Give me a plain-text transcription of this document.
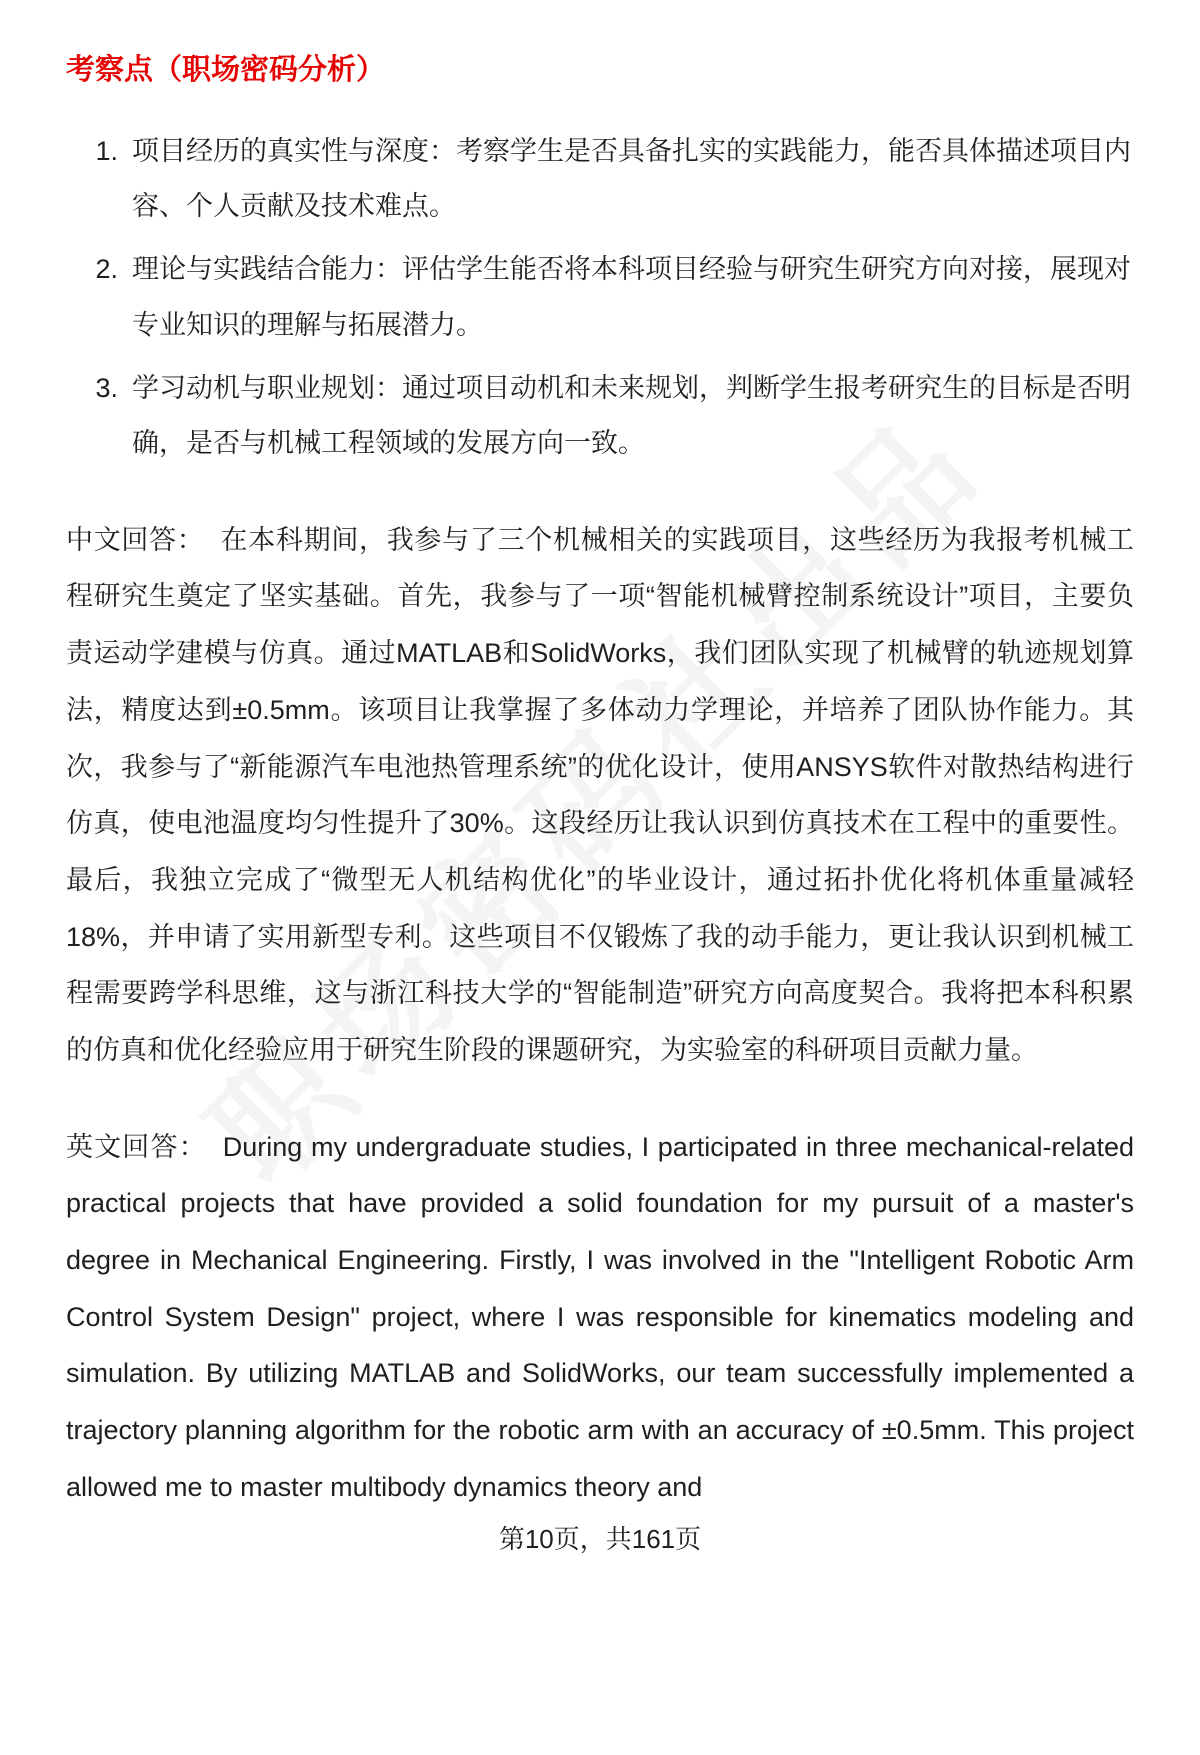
考察点（职场密码分析）
1. 项目经历的真实性与深度：考察学生是否具备扎实的实践能力，能否具体描述项目内容、个人贡献及技术难点。
2. 理论与实践结合能力：评估学生能否将本科项目经验与研究生研究方向对接，展现对专业知识的理解与拓展潜力。
3. 学习动机与职业规划：通过项目动机和未来规划，判断学生报考研究生的目标是否明确，是否与机械工程领域的发展方向一致。

中文回答： 在本科期间，我参与了三个机械相关的实践项目，这些经历为我报考机械工程研究生奠定了坚实基础。首先，我参与了一项“智能机械臂控制系统设计”项目，主要负责运动学建模与仿真。通过MATLAB和SolidWorks，我们团队实现了机械臂的轨迹规划算法，精度达到±0.5mm。该项目让我掌握了多体动力学理论，并培养了团队协作能力。其次，我参与了“新能源汽车电池热管理系统”的优化设计，使用ANSYS软件对散热结构进行仿真，使电池温度均匀性提升了30%。这段经历让我认识到仿真技术在工程中的重要性。最后，我独立完成了“微型无人机结构优化”的毕业设计，通过拓扑优化将机体重量减轻18%，并申请了实用新型专利。这些项目不仅锻炼了我的动手能力，更让我认识到机械工程需要跨学科思维，这与浙江科技大学的“智能制造”研究方向高度契合。我将把本科积累的仿真和优化经验应用于研究生阶段的课题研究，为实验室的科研项目贡献力量。

英文回答： During my undergraduate studies, I participated in three mechanical-related practical projects that have provided a solid foundation for my pursuit of a master's degree in Mechanical Engineering. Firstly, I was involved in the "Intelligent Robotic Arm Control System Design" project, where I was responsible for kinematics modeling and simulation. By utilizing MATLAB and SolidWorks, our team successfully implemented a trajectory planning algorithm for the robotic arm with an accuracy of ±0.5mm. This project allowed me to master multibody dynamics theory and

第10页，共161页
